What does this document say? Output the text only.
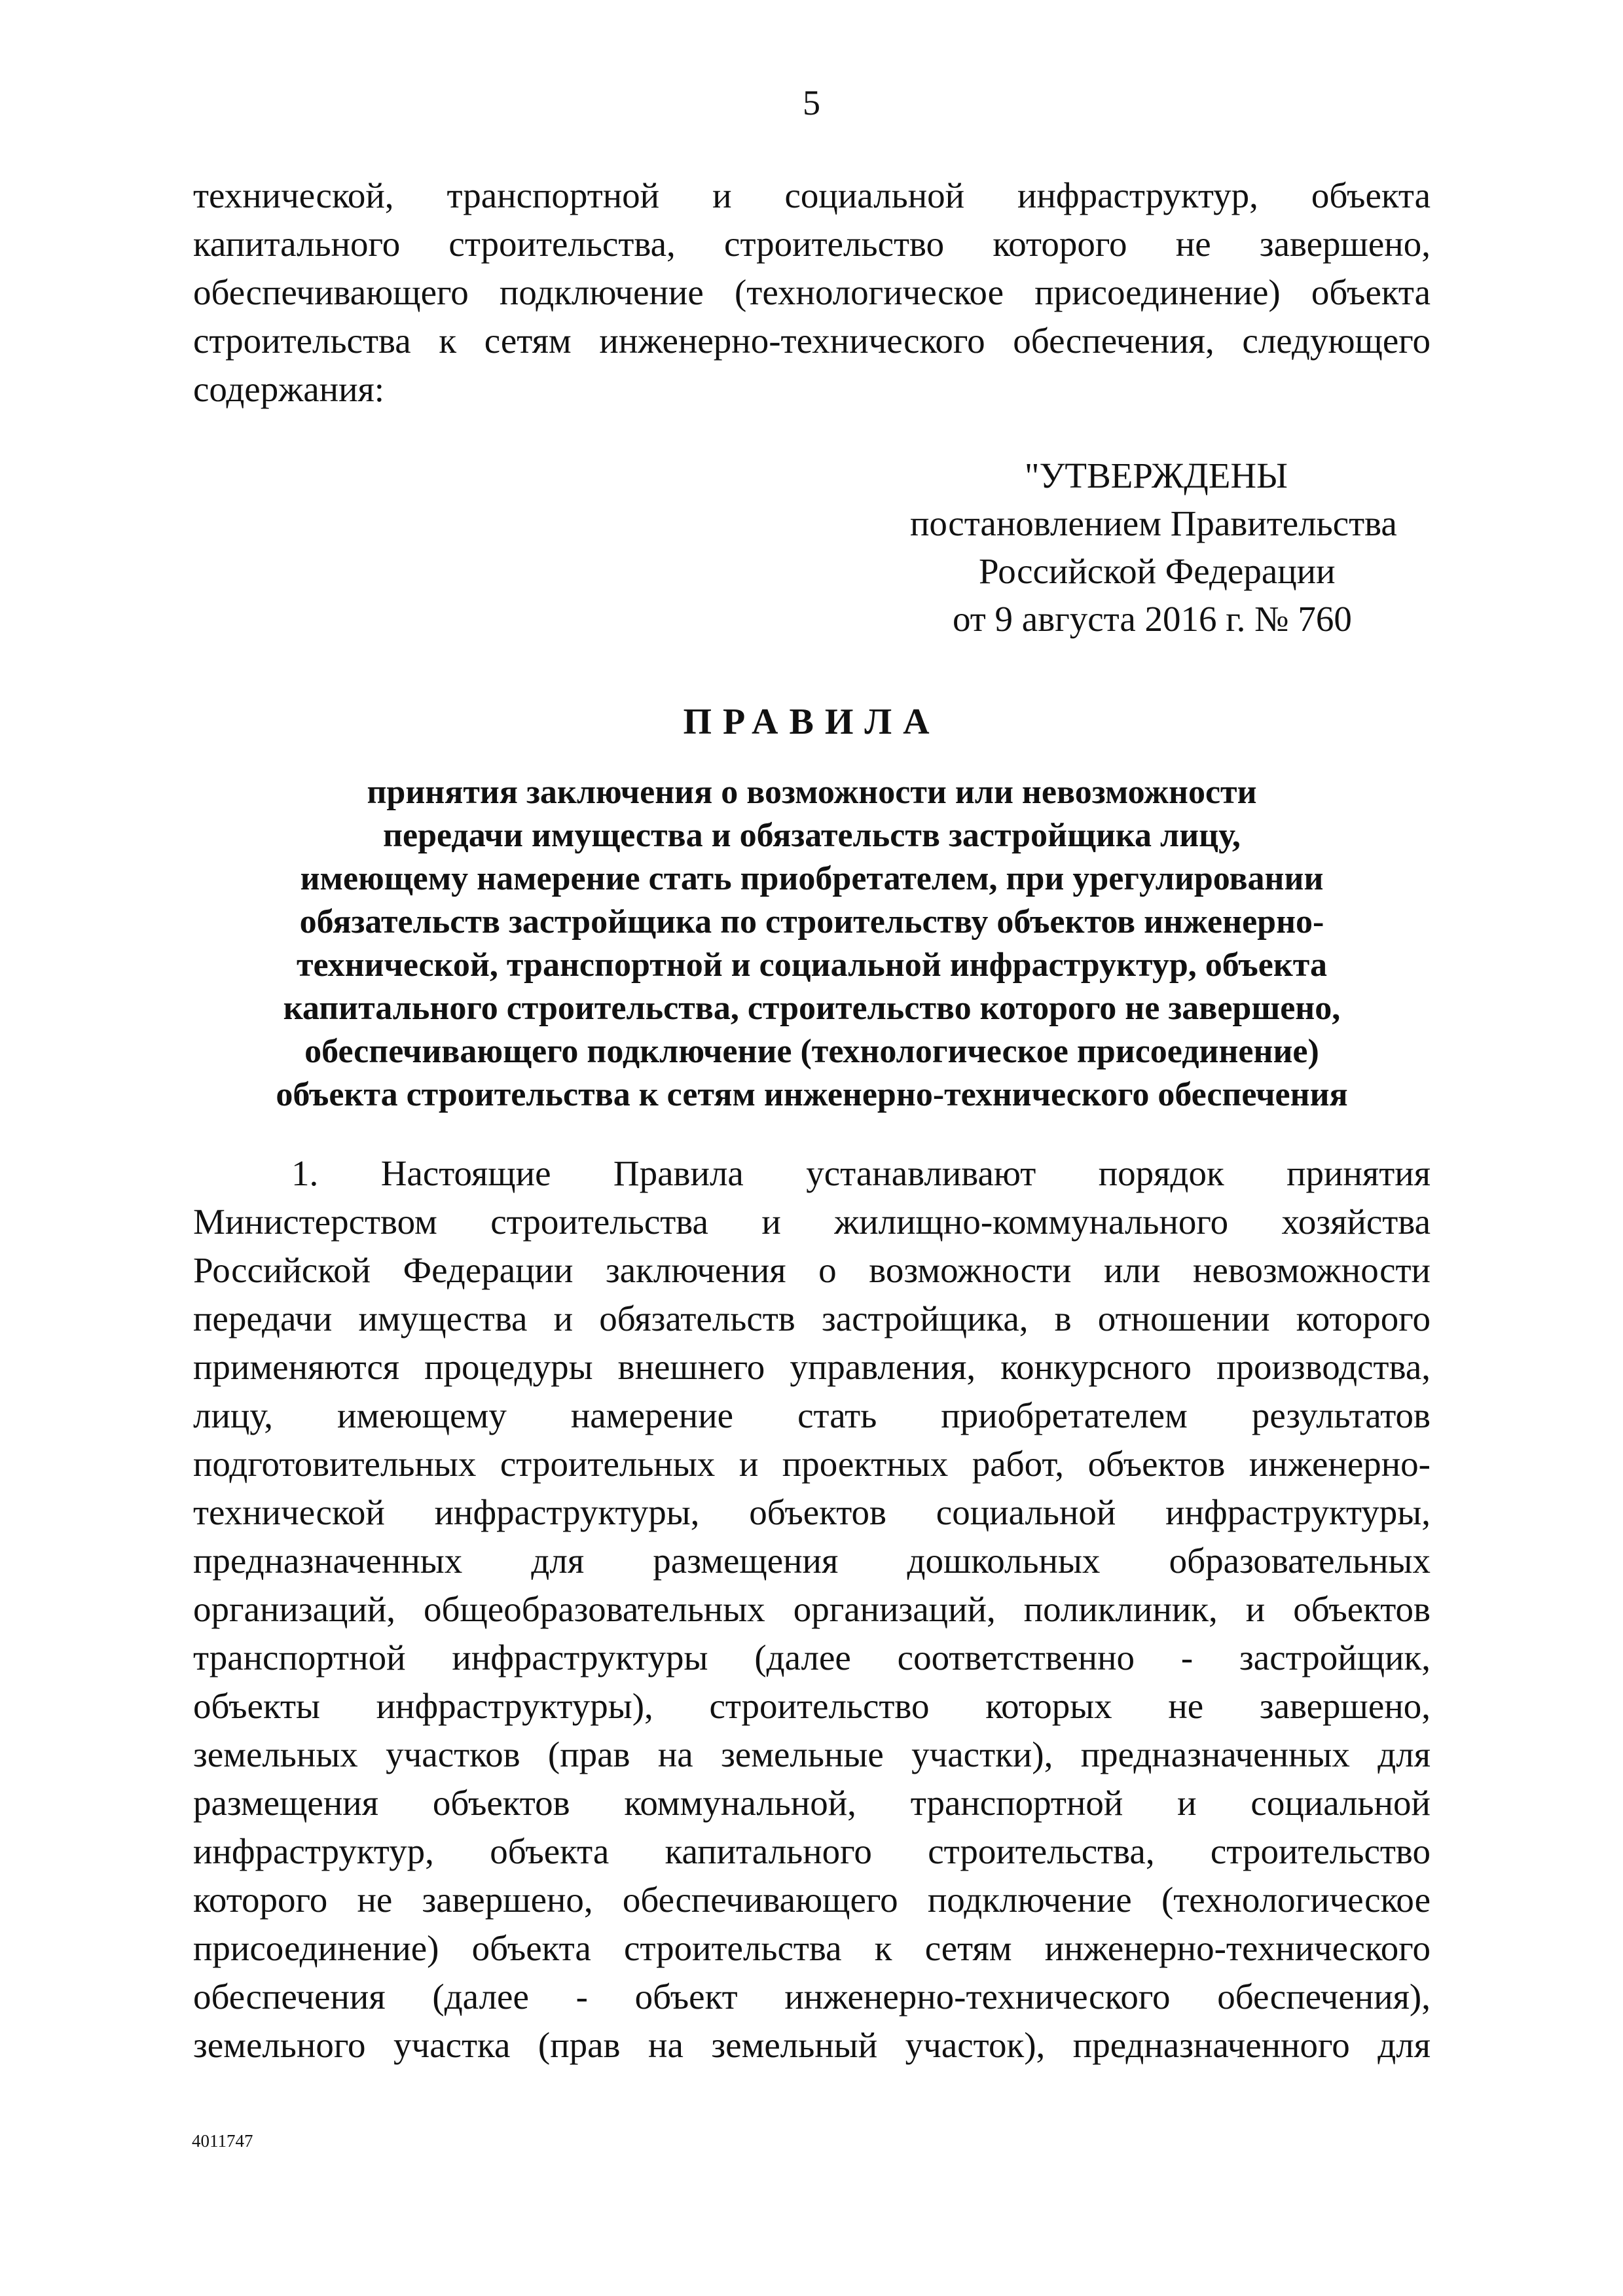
5
технической, транспортной и социальной инфраструктур, объекта
капитального строительства, строительство которого не завершено,
обеспечивающего подключение (технологическое присоединение) объекта
строительства к сетям инженерно-технического обеспечения, следующего
содержания:
"УТВЕРЖДЕНЫ
постановлением Правительства
Российской Федерации
от 9 августа 2016 г. № 760
ПРАВИЛА
принятия заключения о возможности или невозможности
передачи имущества и обязательств застройщика лицу,
имеющему намерение стать приобретателем, при урегулировании
обязательств застройщика по строительству объектов инженерно-
технической, транспортной и социальной инфраструктур, объекта
капитального строительства, строительство которого не завершено,
обеспечивающего подключение (технологическое присоединение)
объекта строительства к сетям инженерно-технического обеспечения
1. Настоящие Правила устанавливают порядок принятия
Министерством строительства и жилищно-коммунального хозяйства
Российской Федерации заключения о возможности или невозможности
передачи имущества и обязательств застройщика, в отношении которого
применяются процедуры внешнего управления, конкурсного производства,
лицу, имеющему намерение стать приобретателем результатов
подготовительных строительных и проектных работ, объектов инженерно-
технической инфраструктуры, объектов социальной инфраструктуры,
предназначенных для размещения дошкольных образовательных
организаций, общеобразовательных организаций, поликлиник, и объектов
транспортной инфраструктуры (далее соответственно - застройщик,
объекты инфраструктуры), строительство которых не завершено,
земельных участков (прав на земельные участки), предназначенных для
размещения объектов коммунальной, транспортной и социальной
инфраструктур, объекта капитального строительства, строительство
которого не завершено, обеспечивающего подключение (технологическое
присоединение) объекта строительства к сетям инженерно-технического
обеспечения (далее - объект инженерно-технического обеспечения),
земельного участка (прав на земельный участок), предназначенного для
4011747
